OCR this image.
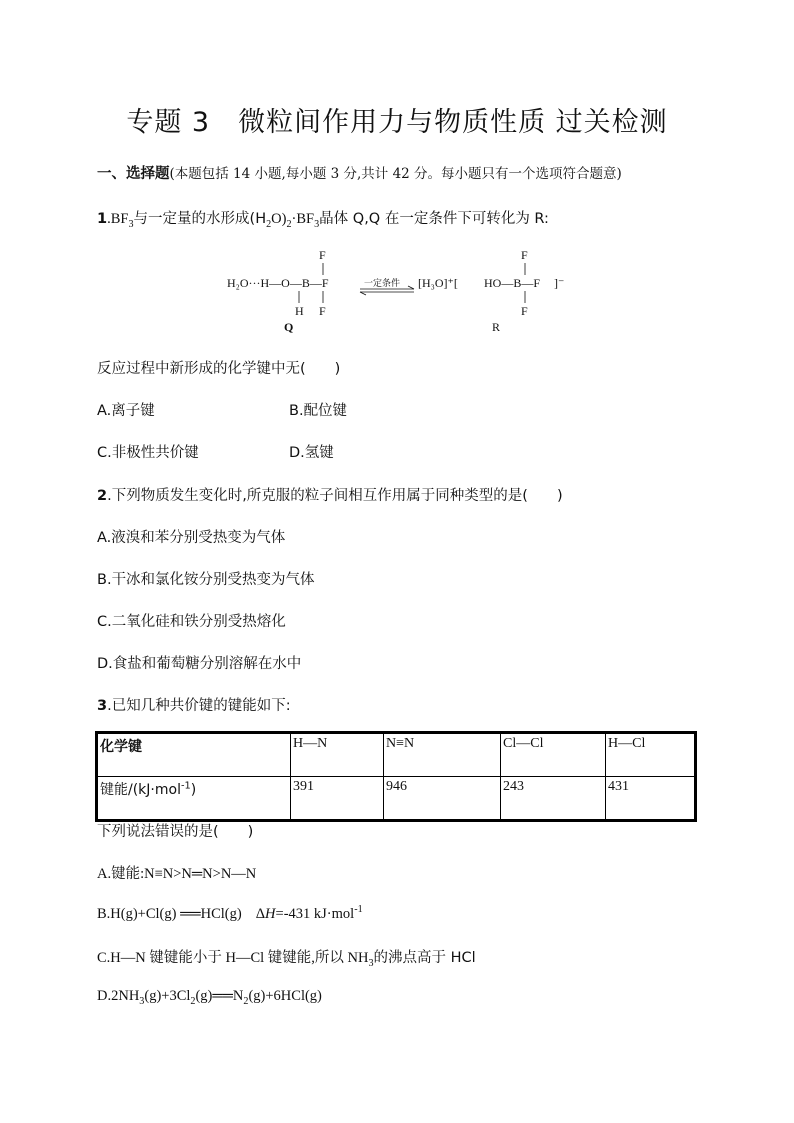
专题 3　微粒间作用力与物质性质 过关检测
一、选择题(本题包括 14 小题,每小题 3 分,共计 42 分。每小题只有一个选项符合题意)
$1.BF_3$与一定量的水形成$(H_2O)_2\cdot BF_3$晶体 Q,Q 在一定条件下可转化为 R:
H₂O···H—O—B—F
F
F
H
Q
一定条件 [H₃O]⁺[ HO—B—F ]⁻
F
F
R
反应过程中新形成的化学键中无(　　)
A.离子键	B.配位键
C.非极性共价键	D.氢键
2.下列物质发生变化时,所克服的粒子间相互作用属于同种类型的是(　　)
A.液溴和苯分别受热变为气体
B.干冰和氯化铵分别受热变为气体
C.二氧化硅和铁分别受热熔化
D.食盐和葡萄糖分别溶解在水中
3.已知几种共价键的键能如下:
化学键	H—N	N≡N	Cl—Cl	H—Cl
键能/(kJ·mol$^{-1}$)	391	946	243	431
下列说法错误的是(　　)
A.键能:N≡N>N═N>N—N
B.H(g)+Cl(g) ══HCl(g) ΔH=-431 kJ·mol$^{-1}$
C.H—N 键键能小于 H—Cl 键键能,所以 $NH_3$的沸点高于 HCl
$D.2NH_3(g)+3Cl_2(g)══N_2(g)+6HCl(g)$
